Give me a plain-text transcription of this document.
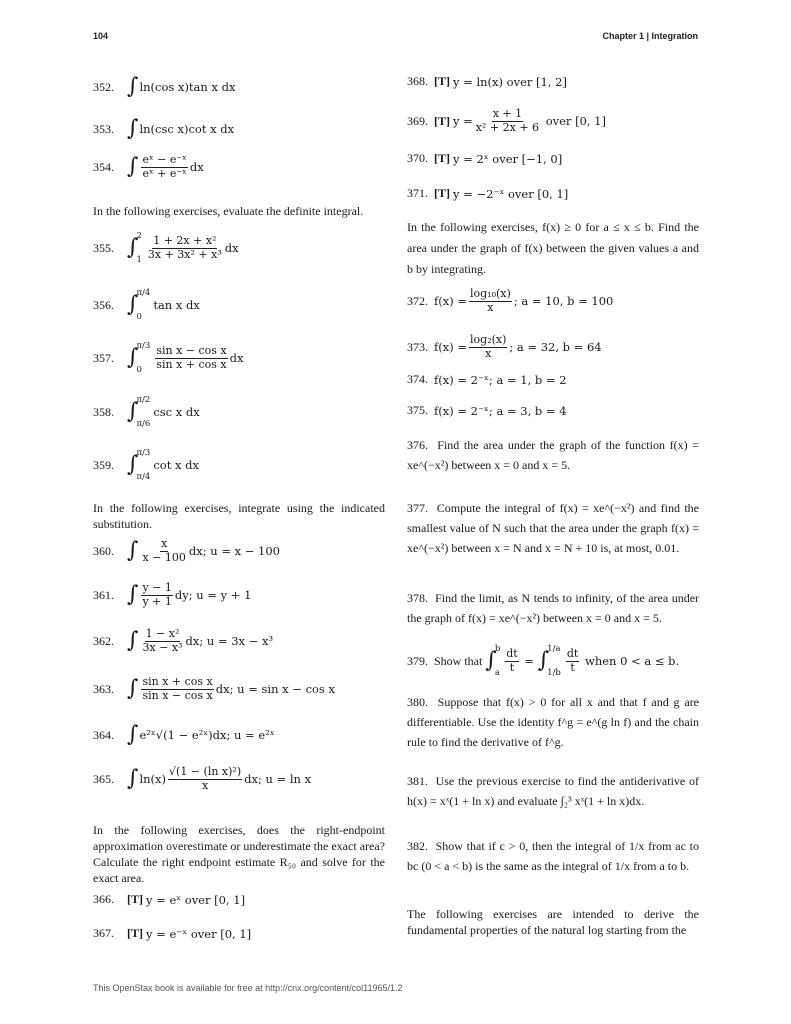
104	Chapter 1 | Integration
352. ∫ ln(cos x)tan x dx
353. ∫ ln(csc x)cot x dx
354. ∫ $\frac{\text{eˣ − e⁻ˣ}}{\text{eˣ + e⁻ˣ}}$ dx
In the following exercises, evaluate the definite integral.
355. ∫
2
$1 \frac{\text{1 + 2x + x²}}{\text{3x + 3x² + x³}}$ dx
356. ∫
π/4
0
tan x dx
357. ∫
π/3
0	$\frac{\text{sin x − cos x}}{\text{sin x + cos x}}$ dx
358. ∫
π/2
π/6
csc x dx
359. ∫
π/3
π/4
cot x dx
In the following exercises, integrate using the indicated substitution.
360. ∫ $\frac{x}{x - 100}$ dx; u = x − 100
361. ∫ $\frac{y - 1}{y + 1}$ dy; u = y + 1
362. ∫ $\frac{\text{1 − x²}}{\text{3x − x³}}$ dx; u = 3x − x³
363. ∫ $\frac{\text{sin x + cos x}}{\text{sin x − cos x}}$ dx; u = sin x − cos x
364. ∫ e²ˣ√(1 − e²ˣ)dx; u = e²ˣ
365. ∫ $\ln(x) \frac{\text{√(1 − (ln x)²)}}{x}$ dx; u = ln x
In the following exercises, does the right-endpoint approximation overestimate or underestimate the exact area? Calculate the right endpoint estimate R₅₀ and solve for the exact area.
366.	[T]
y = eˣ over [0, 1]
367.	[T]
y = e⁻ˣ over [0, 1]
368. [T]
y = ln(x) over [1, 2]
369. [T]
$y = \frac{x + 1}{\text{x² + 2x + 6}}$
over [0, 1]
370. [T]
y = 2ˣ over [−1, 0]
371. [T]
y = −2⁻ˣ over [0, 1]
In the following exercises, f(x) ≥ 0 for a ≤ x ≤ b. Find the area under the graph of f(x) between the given values a and b by integrating.
372. $f(x) = \frac{\text{log₁₀(x)}}{x}$ ; a = 10, b = 100
373. $f(x) = \frac{\text{log₂(x)}}{x}$ ; a = 32, b = 64
374. f(x) = 2⁻ˣ; a = 1, b = 2
375. f(x) = 2⁻ˣ; a = 3, b = 4
376. Find the area under the graph of the function f(x) = xe^(−x²) between x = 0 and x = 5.
377. Compute the integral of f(x) = xe^(−x²) and find the smallest value of N such that the area under the graph f(x) = xe^(−x²) between x = N and x = N + 10 is, at most, 0.01.
378. Find the limit, as N tends to infinity, of the area under the graph of f(x) = xe^(−x²) between x = 0 and x = 5.
379. Show that
∫
b
a $\frac{dt}{t}$ = ∫
1/a
$1/b \frac{dt}{t}$
when 0 < a ≤ b.
380. Suppose that f(x) > 0 for all x and that f and g are differentiable. Use the identity f^g = e^(g ln f) and the chain rule to find the derivative of f^g.
381. Use the previous exercise to find the antiderivative of h(x) = xˣ(1 + ln x) and evaluate ∫₂³ xˣ(1 + ln x)dx.
382. Show that if c > 0, then the integral of 1/x from ac to bc (0 < a < b) is the same as the integral of 1/x from a to b.
The following exercises are intended to derive the fundamental properties of the natural log starting from the
This OpenStax book is available for free at http://cnx.org/content/col11965/1.2
